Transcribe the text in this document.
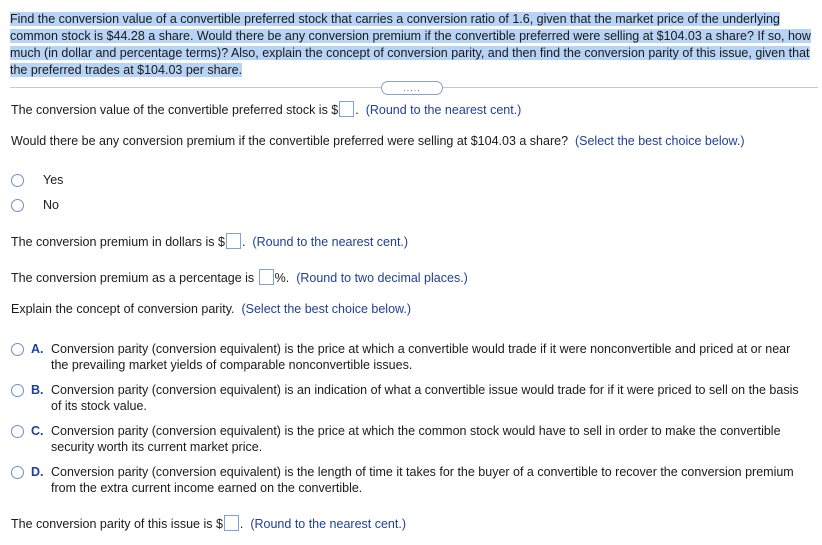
Find the conversion value of a convertible preferred stock that carries a conversion ratio of 1.6, given that the market price of the underlying common stock is $44.28 a share. Would there be any conversion premium if the convertible preferred were selling at $104.03 a share? If so, how much (in dollar and percentage terms)? Also, explain the concept of conversion parity, and then find the conversion parity of this issue, given that the preferred trades at $104.03 per share.
.....
The conversion value of the convertible preferred stock is $ . (Round to the nearest cent.)
Would there be any conversion premium if the convertible preferred were selling at $104.03 a share? (Select the best choice below.)
Yes
No
The conversion premium in dollars is $ . (Round to the nearest cent.)
The conversion premium as a percentage is %. (Round to two decimal places.)
Explain the concept of conversion parity. (Select the best choice below.)
A. Conversion parity (conversion equivalent) is the price at which a convertible would trade if it were nonconvertible and priced at or near the prevailing market yields of comparable nonconvertible issues.
B. Conversion parity (conversion equivalent) is an indication of what a convertible issue would trade for if it were priced to sell on the basis of its stock value.
C. Conversion parity (conversion equivalent) is the price at which the common stock would have to sell in order to make the convertible security worth its current market price.
D. Conversion parity (conversion equivalent) is the length of time it takes for the buyer of a convertible to recover the conversion premium from the extra current income earned on the convertible.
The conversion parity of this issue is $ . (Round to the nearest cent.)
